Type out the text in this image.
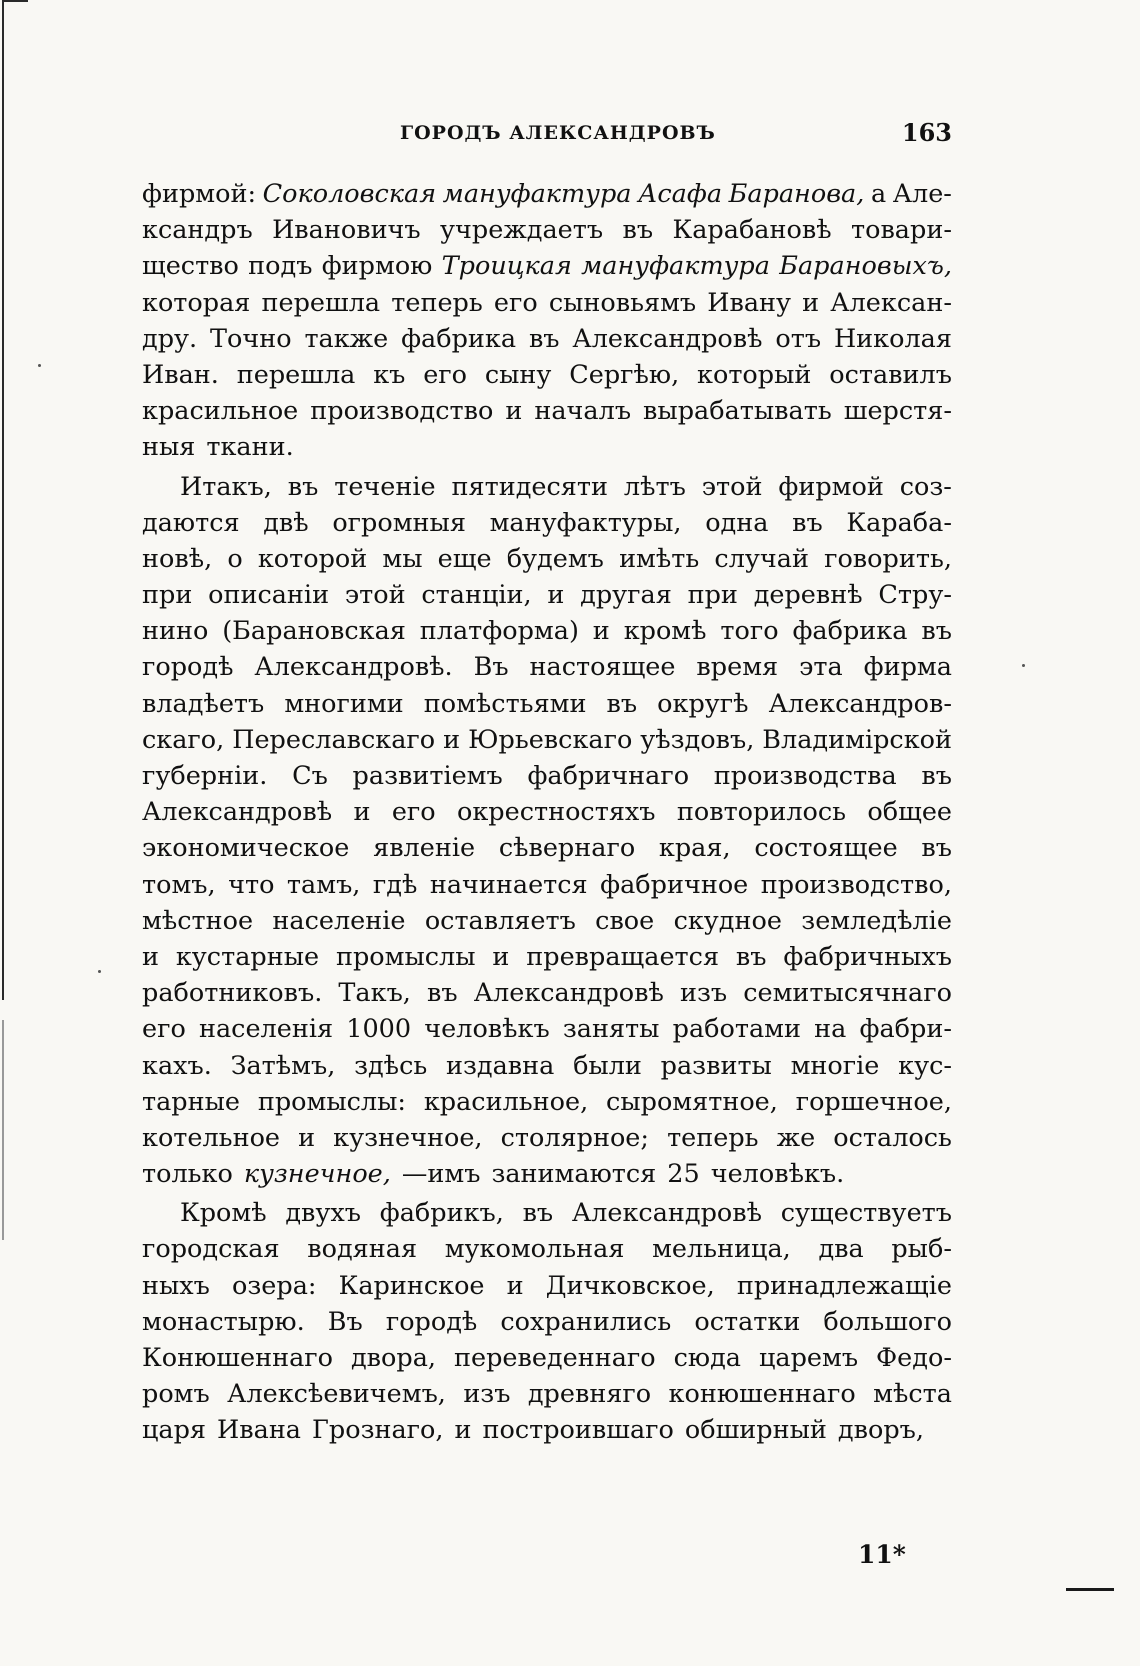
ГОРОДЪ АЛЕКСАНДРОВЪ	163
фирмой: Соколовская мануфактура Асафа Баранова, а Але-
ксандръ Ивановичъ учреждаетъ въ Карабановѣ товари-
щество подъ фирмою Троицкая мануфактура Барановыхъ,
которая перешла теперь его сыновьямъ Ивану и Алексан-
дру. Точно также фабрика въ Александровѣ отъ Николая
Иван. перешла къ его сыну Сергѣю, который оставилъ
красильное производство и началъ вырабатывать шерстя-
ныя ткани.
Итакъ, въ теченіе пятидесяти лѣтъ этой фирмой соз-
даются двѣ огромныя мануфактуры, одна въ Караба-
новѣ, о которой мы еще будемъ имѣть случай говорить,
при описаніи этой станціи, и другая при деревнѣ Стру-
нино (Барановская платформа) и кромѣ того фабрика въ
городѣ Александровѣ. Въ настоящее время эта фирма
владѣетъ многими помѣстьями въ округѣ Александров-
скаго, Переславскаго и Юрьевскаго уѣздовъ, Владимірской
губерніи. Съ развитіемъ фабричнаго производства въ
Александровѣ и его окрестностяхъ повторилось общее
экономическое явленіе сѣвернаго края, состоящее въ
томъ, что тамъ, гдѣ начинается фабричное производство,
мѣстное населеніе оставляетъ свое скудное земледѣліе
и кустарные промыслы и превращается въ фабричныхъ
работниковъ. Такъ, въ Александровѣ изъ семитысячнаго
его населенія 1000 человѣкъ заняты работами на фабри-
кахъ. Затѣмъ, здѣсь издавна были развиты многіе кус-
тарные промыслы: красильное, сыромятное, горшечное,
котельное и кузнечное, столярное; теперь же осталось
только кузнечное, —имъ занимаются 25 человѣкъ.
Кромѣ двухъ фабрикъ, въ Александровѣ существуетъ
городская водяная мукомольная мельница, два рыб-
ныхъ озера: Каринское и Дичковское, принадлежащіе
монастырю. Въ городѣ сохранились остатки большого
Конюшеннаго двора, переведеннаго сюда царемъ Федо-
ромъ Алексѣевичемъ, изъ древняго конюшеннаго мѣста
царя Ивана Грознаго, и построившаго обширный дворъ,
11*
